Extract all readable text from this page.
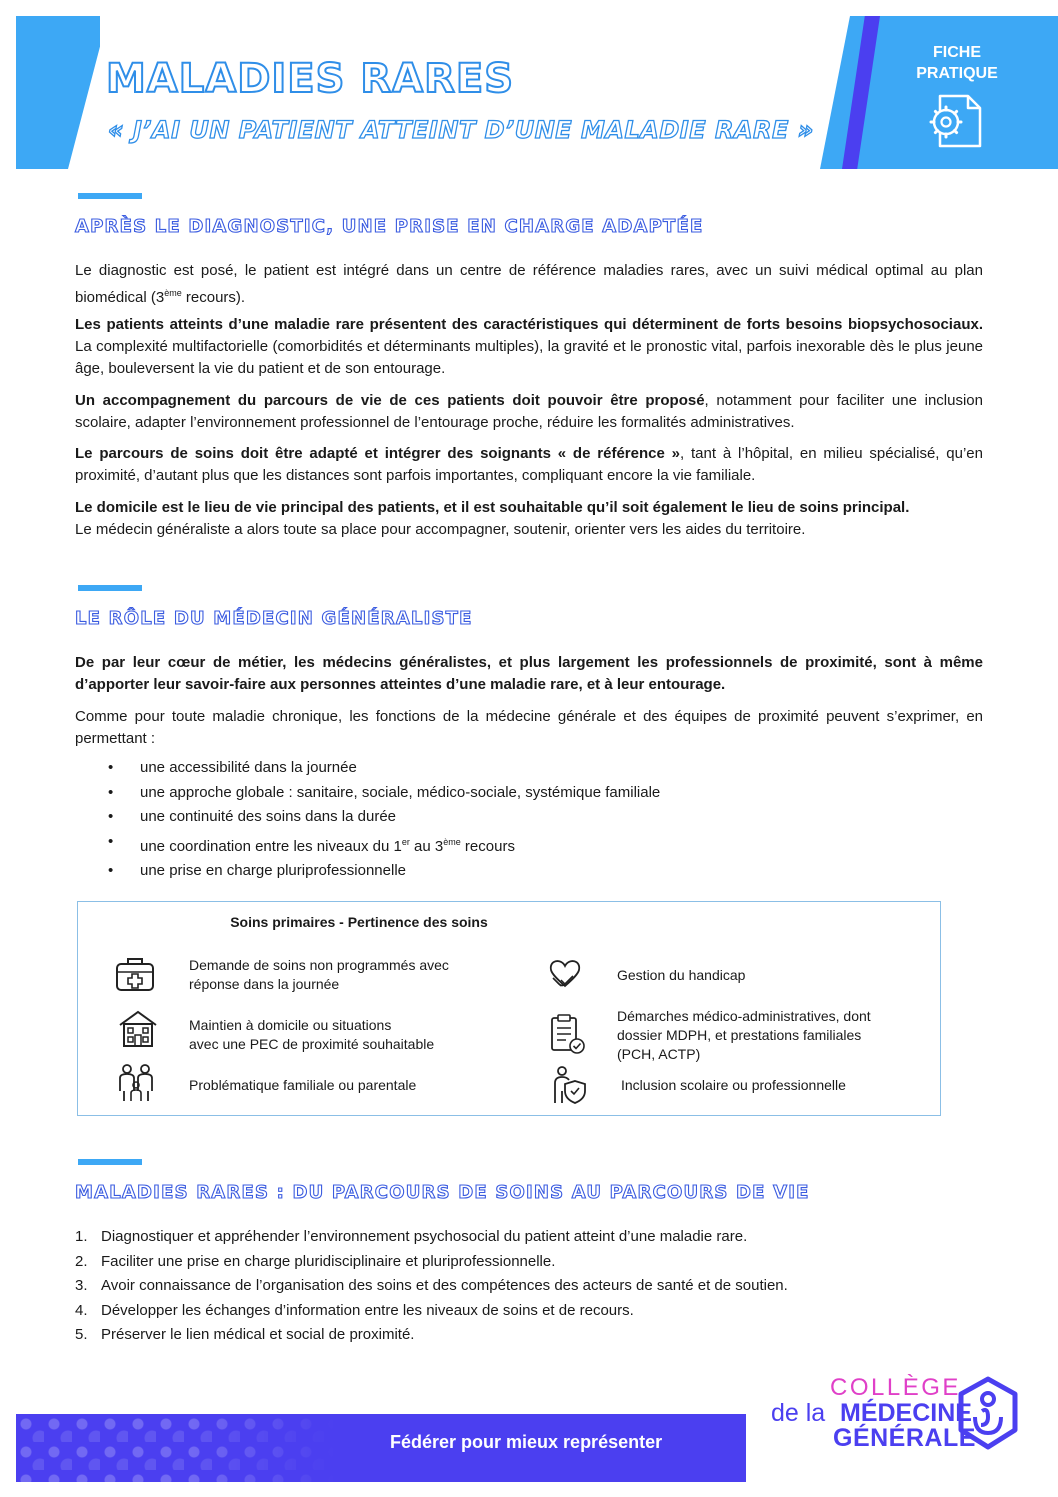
MALADIES RARES
« J’AI UN PATIENT ATTEINT D’UNE MALADIE RARE »
FICHE
PRATIQUE
APRÈS LE DIAGNOSTIC, UNE PRISE EN CHARGE ADAPTÉE
Le diagnostic est posé, le patient est intégré dans un centre de référence maladies rares, avec un suivi médical optimal au plan biomédical (3ème recours).
Les patients atteints d’une maladie rare présentent des caractéristiques qui déterminent de forts besoins biopsychosociaux. La complexité multifactorielle (comorbidités et déterminants multiples), la gravité et le pronostic vital, parfois inexorable dès le plus jeune âge, bouleversent la vie du patient et de son entourage.
Un accompagnement du parcours de vie de ces patients doit pouvoir être proposé, notamment pour faciliter une inclusion scolaire, adapter l’environnement professionnel de l’entourage proche, réduire les formalités administratives.
Le parcours de soins doit être adapté et intégrer des soignants « de référence », tant à l’hôpital, en milieu spécialisé, qu’en proximité, d’autant plus que les distances sont parfois importantes, compliquant encore la vie familiale.
Le domicile est le lieu de vie principal des patients, et il est souhaitable qu’il soit également le lieu de soins principal.
Le médecin généraliste a alors toute sa place pour accompagner, soutenir, orienter vers les aides du territoire.
LE RÔLE DU MÉDECIN GÉNÉRALISTE
De par leur cœur de métier, les médecins généralistes, et plus largement les professionnels de proximité, sont à même d’apporter leur savoir-faire aux personnes atteintes d’une maladie rare, et à leur entourage.
Comme pour toute maladie chronique, les fonctions de la médecine générale et des équipes de proximité peuvent s’exprimer, en permettant :
• une accessibilité dans la journée
• une approche globale : sanitaire, sociale, médico-sociale, systémique familiale
• une continuité des soins dans la durée
• une coordination entre les niveaux du 1er au 3ème recours
• une prise en charge pluriprofessionnelle
Soins primaires - Pertinence des soins
Demande de soins non programmés avec
réponse dans la journée
Maintien à domicile ou situations
avec une PEC de proximité souhaitable
Problématique familiale ou parentale
Gestion du handicap
Démarches médico-administratives, dont
dossier MDPH, et prestations familiales
(PCH, ACTP)
Inclusion scolaire ou professionnelle
MALADIES RARES : DU PARCOURS DE SOINS AU PARCOURS DE VIE
1. Diagnostiquer et appréhender l’environnement psychosocial du patient atteint d’une maladie rare.
2. Faciliter une prise en charge pluridisciplinaire et pluriprofessionnelle.
3. Avoir connaissance de l’organisation des soins et des compétences des acteurs de santé et de soutien.
4. Développer les échanges d’information entre les niveaux de soins et de recours.
5. Préserver le lien médical et social de proximité.
Fédérer pour mieux représenter
COLLÈGE
de la MÉDECINE
GÉNÉRALE
